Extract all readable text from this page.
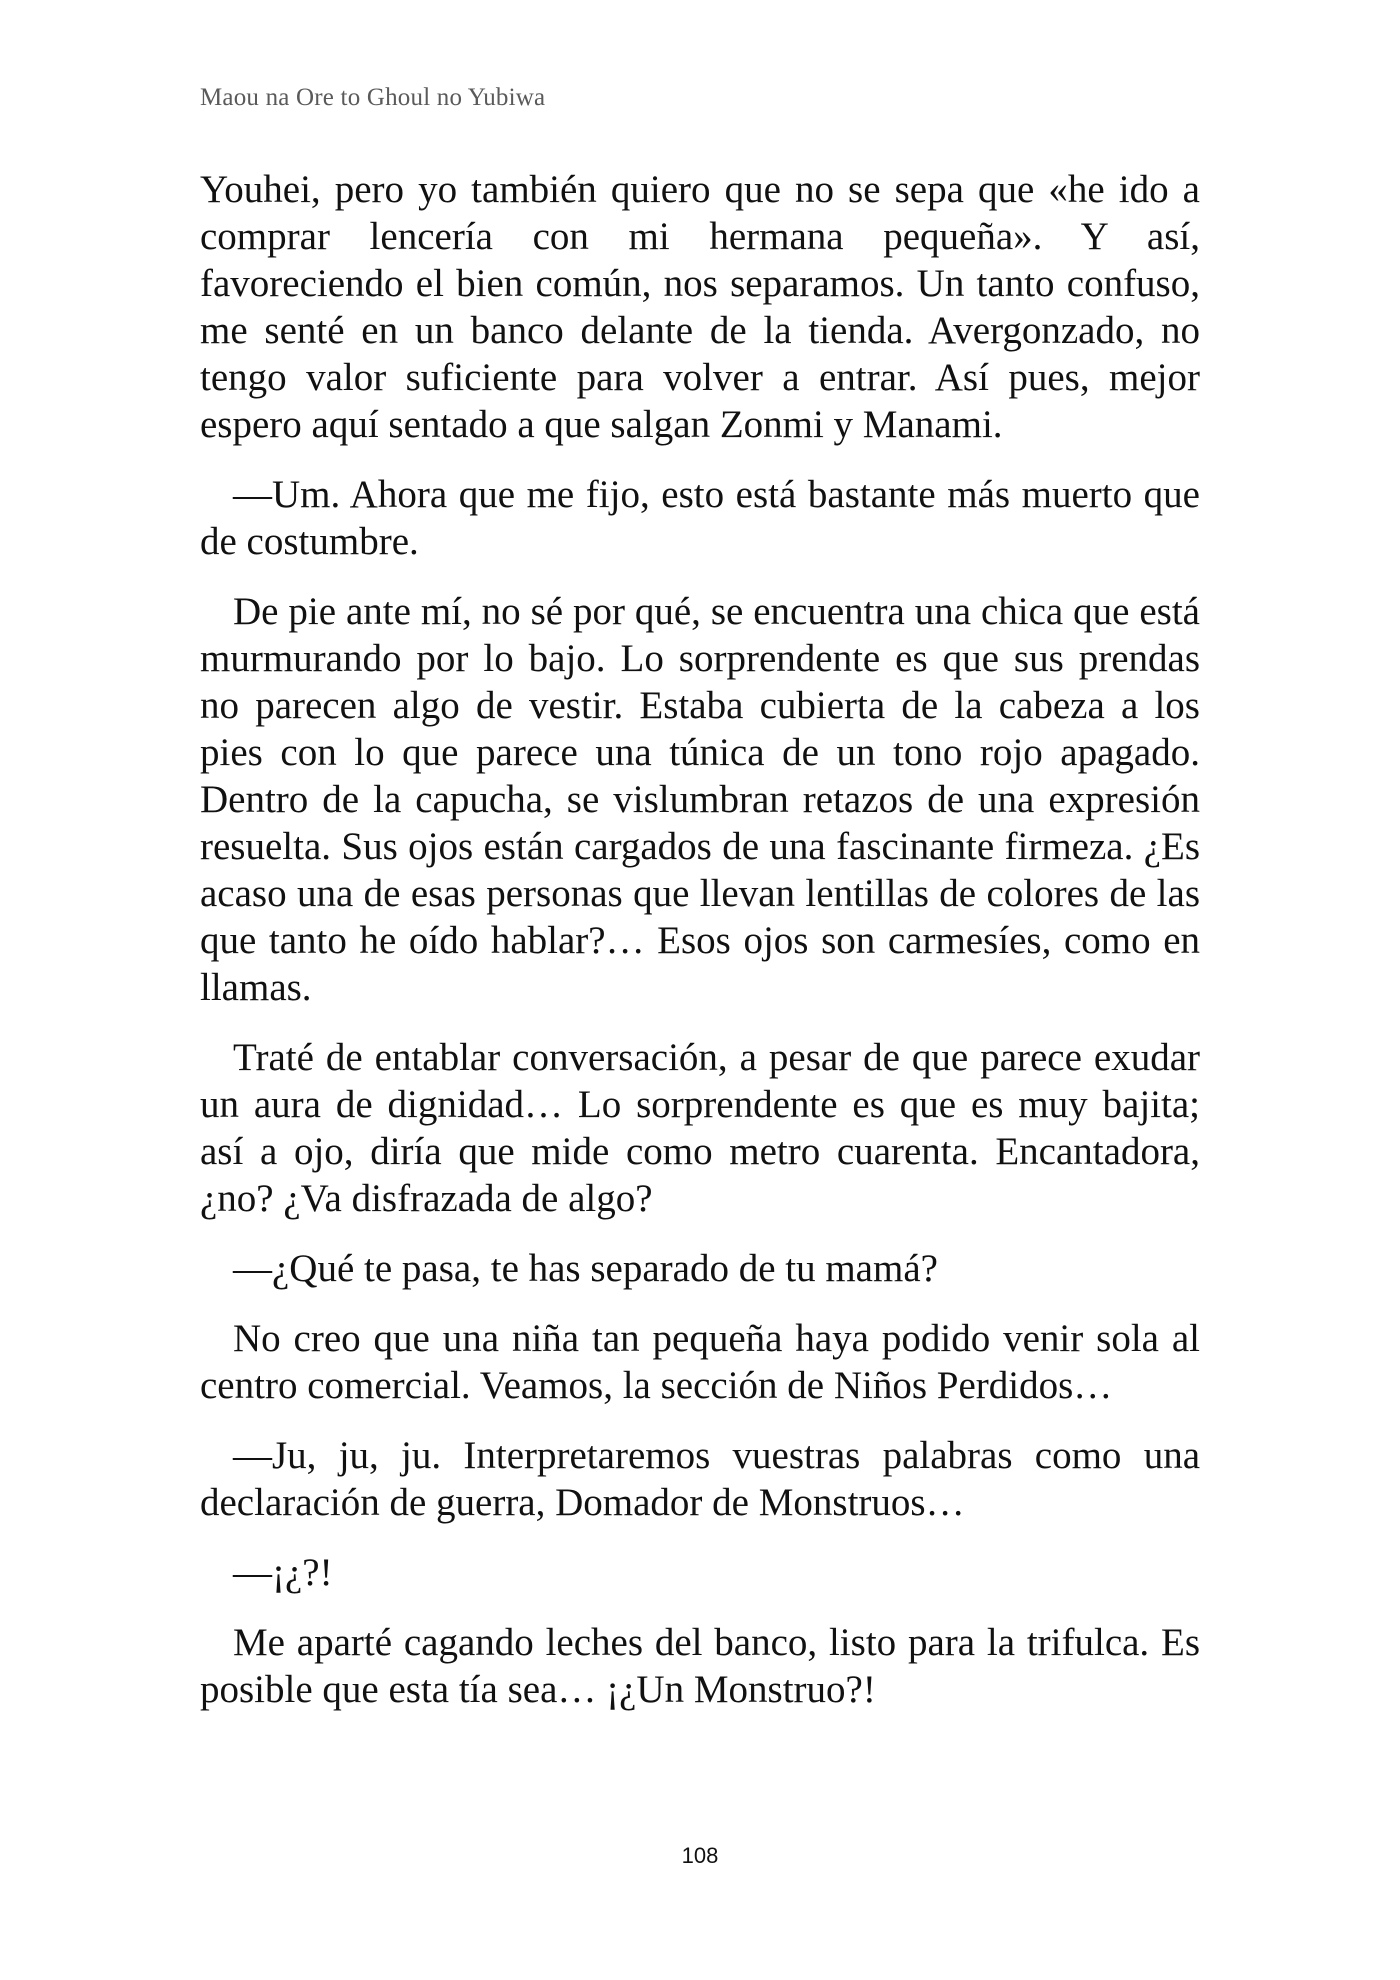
Maou na Ore to Ghoul no Yubiwa

Youhei, pero yo también quiero que no se sepa que «he ido a comprar lencería con mi hermana pequeña». Y así, favoreciendo el bien común, nos separamos. Un tanto confuso, me senté en un banco delante de la tienda. Avergonzado, no tengo valor suficiente para volver a entrar. Así pues, mejor espero aquí sentado a que salgan Zonmi y Manami.

—Um. Ahora que me fijo, esto está bastante más muerto que de costumbre.

De pie ante mí, no sé por qué, se encuentra una chica que está murmurando por lo bajo. Lo sorprendente es que sus prendas no parecen algo de vestir. Estaba cubierta de la cabeza a los pies con lo que parece una túnica de un tono rojo apagado. Dentro de la capucha, se vislumbran retazos de una expresión resuelta. Sus ojos están cargados de una fascinante firmeza. ¿Es acaso una de esas personas que llevan lentillas de colores de las que tanto he oído hablar?… Esos ojos son carmesíes, como en llamas.

Traté de entablar conversación, a pesar de que parece exudar un aura de dignidad… Lo sorprendente es que es muy bajita; así a ojo, diría que mide como metro cuarenta. Encantadora, ¿no? ¿Va disfrazada de algo?

—¿Qué te pasa, te has separado de tu mamá?

No creo que una niña tan pequeña haya podido venir sola al centro comercial. Veamos, la sección de Niños Perdidos…

—Ju, ju, ju. Interpretaremos vuestras palabras como una declaración de guerra, Domador de Monstruos…

—¡¿?!

Me aparté cagando leches del banco, listo para la trifulca. Es posible que esta tía sea… ¡¿Un Monstruo?!

108
